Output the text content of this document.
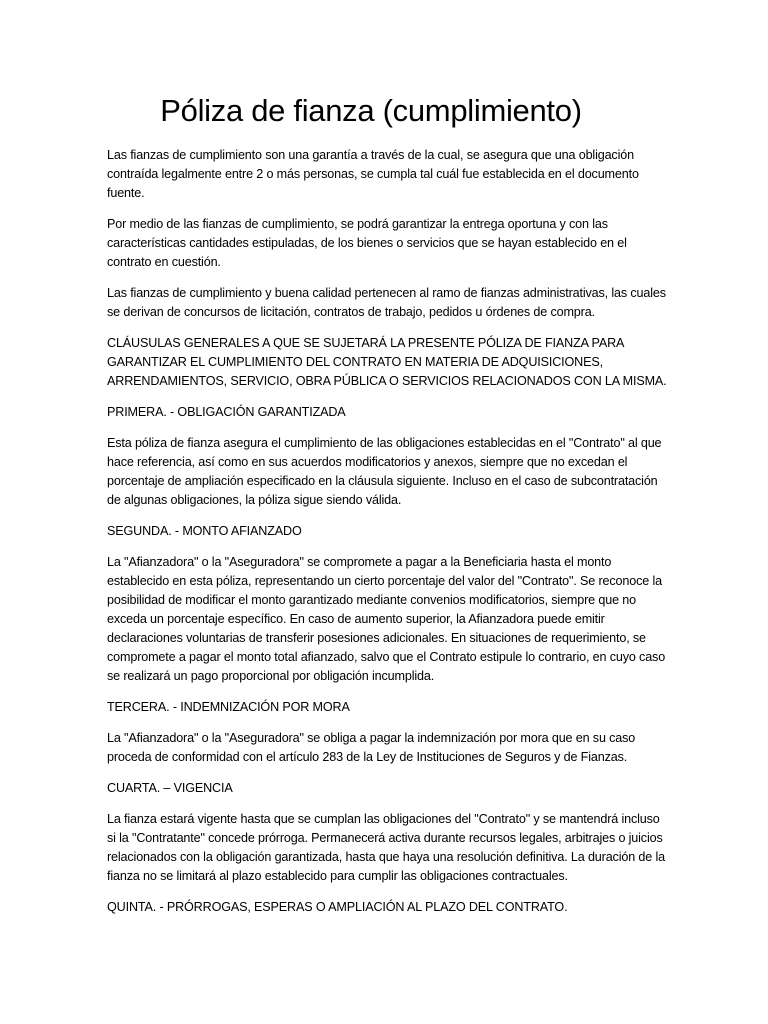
Póliza de fianza (cumplimiento)

Las fianzas de cumplimiento son una garantía a través de la cual, se asegura que una obligación contraída legalmente entre 2 o más personas, se cumpla tal cuál fue establecida en el documento fuente.

Por medio de las fianzas de cumplimiento, se podrá garantizar la entrega oportuna y con las características cantidades estipuladas, de los bienes o servicios que se hayan establecido en el contrato en cuestión.

Las fianzas de cumplimiento y buena calidad pertenecen al ramo de fianzas administrativas, las cuales se derivan de concursos de licitación, contratos de trabajo, pedidos u órdenes de compra.

CLÁUSULAS GENERALES A QUE SE SUJETARÁ LA PRESENTE PÓLIZA DE FIANZA PARA GARANTIZAR EL CUMPLIMIENTO DEL CONTRATO EN MATERIA DE ADQUISICIONES, ARRENDAMIENTOS, SERVICIO, OBRA PÚBLICA O SERVICIOS RELACIONADOS CON LA MISMA.

PRIMERA. - OBLIGACIÓN GARANTIZADA

Esta póliza de fianza asegura el cumplimiento de las obligaciones establecidas en el "Contrato" al que hace referencia, así como en sus acuerdos modificatorios y anexos, siempre que no excedan el porcentaje de ampliación especificado en la cláusula siguiente. Incluso en el caso de subcontratación de algunas obligaciones, la póliza sigue siendo válida.

SEGUNDA. - MONTO AFIANZADO

La "Afianzadora" o la "Aseguradora" se compromete a pagar a la Beneficiaria hasta el monto establecido en esta póliza, representando un cierto porcentaje del valor del "Contrato". Se reconoce la posibilidad de modificar el monto garantizado mediante convenios modificatorios, siempre que no exceda un porcentaje específico. En caso de aumento superior, la Afianzadora puede emitir declaraciones voluntarias de transferir posesiones adicionales. En situaciones de requerimiento, se compromete a pagar el monto total afianzado, salvo que el Contrato estipule lo contrario, en cuyo caso se realizará un pago proporcional por obligación incumplida.

TERCERA. - INDEMNIZACIÓN POR MORA

La "Afianzadora" o la "Aseguradora" se obliga a pagar la indemnización por mora que en su caso proceda de conformidad con el artículo 283 de la Ley de Instituciones de Seguros y de Fianzas.

CUARTA. – VIGENCIA

La fianza estará vigente hasta que se cumplan las obligaciones del "Contrato" y se mantendrá incluso si la "Contratante" concede prórroga. Permanecerá activa durante recursos legales, arbitrajes o juicios relacionados con la obligación garantizada, hasta que haya una resolución definitiva. La duración de la fianza no se limitará al plazo establecido para cumplir las obligaciones contractuales.

QUINTA. - PRÓRROGAS, ESPERAS O AMPLIACIÓN AL PLAZO DEL CONTRATO.
